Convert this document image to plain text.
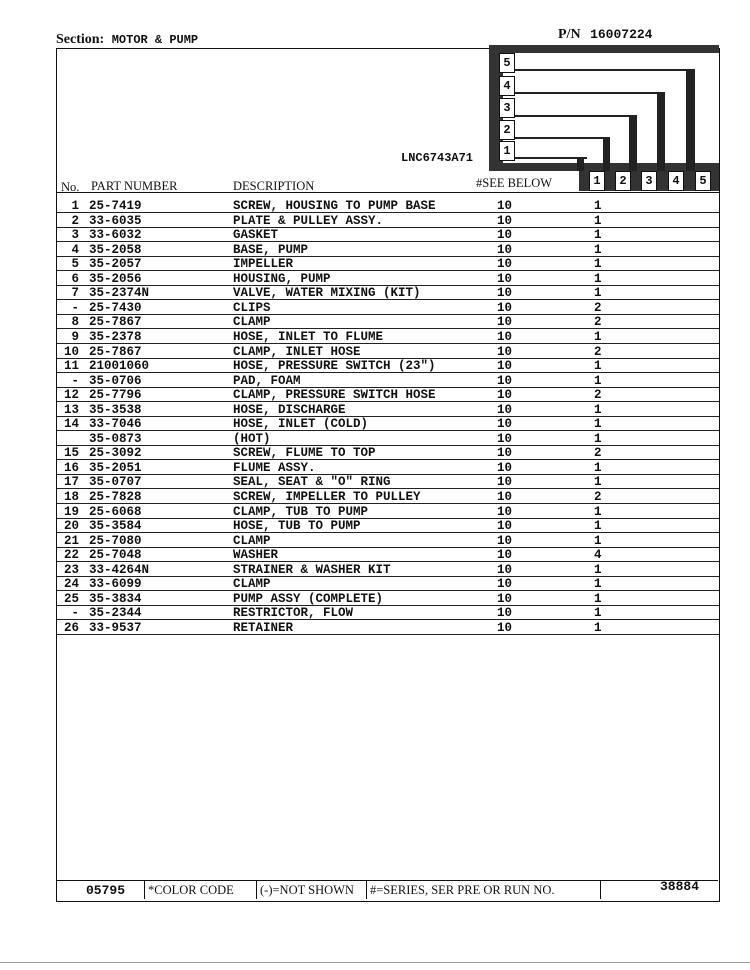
Section: MOTOR & PUMP	P/N 16007224
5
4
3
2
1
LNC6743A71
No. PART NUMBER	DESCRIPTION	#SEE BELOW	1	2	3	4	5
1 25-7419	SCREW, HOUSING TO PUMP BASE	10	1
2 33-6035	PLATE & PULLEY ASSY.	10	1
3 33-6032	GASKET	10	1
4 35-2058	BASE, PUMP	10	1
5 35-2057	IMPELLER	10	1
6 35-2056	HOUSING, PUMP	10	1
7 35-2374N	VALVE, WATER MIXING (KIT)	10	1
- 25-7430	CLIPS	10	2
8 25-7867	CLAMP	10	2
9 35-2378	HOSE, INLET TO FLUME	10	1
10 25-7867	CLAMP, INLET HOSE	10	2
11 21001060	HOSE, PRESSURE SWITCH (23")	10	1
- 35-0706	PAD, FOAM	10	1
12 25-7796	CLAMP, PRESSURE SWITCH HOSE	10	2
13 35-3538	HOSE, DISCHARGE	10	1
14 33-7046	HOSE, INLET (COLD)	10	1
35-0873	(HOT)	10	1
15 25-3092	SCREW, FLUME TO TOP	10	2
16 35-2051	FLUME ASSY.	10	1
17 35-0707	SEAL, SEAT & "O" RING	10	1
18 25-7828	SCREW, IMPELLER TO PULLEY	10	2
19 25-6068	CLAMP, TUB TO PUMP	10	1
20 35-3584	HOSE, TUB TO PUMP	10	1
21 25-7080	CLAMP	10	1
22 25-7048	WASHER	10	4
23 33-4264N	STRAINER & WASHER KIT	10	1
24 33-6099	CLAMP	10	1
25 35-3834	PUMP ASSY (COMPLETE)	10	1
- 35-2344	RESTRICTOR, FLOW	10	1
26 33-9537	RETAINER	10	1
05795 *COLOR CODE (-)=NOT SHOWN #=SERIES, SER PRE OR RUN NO.	38884
